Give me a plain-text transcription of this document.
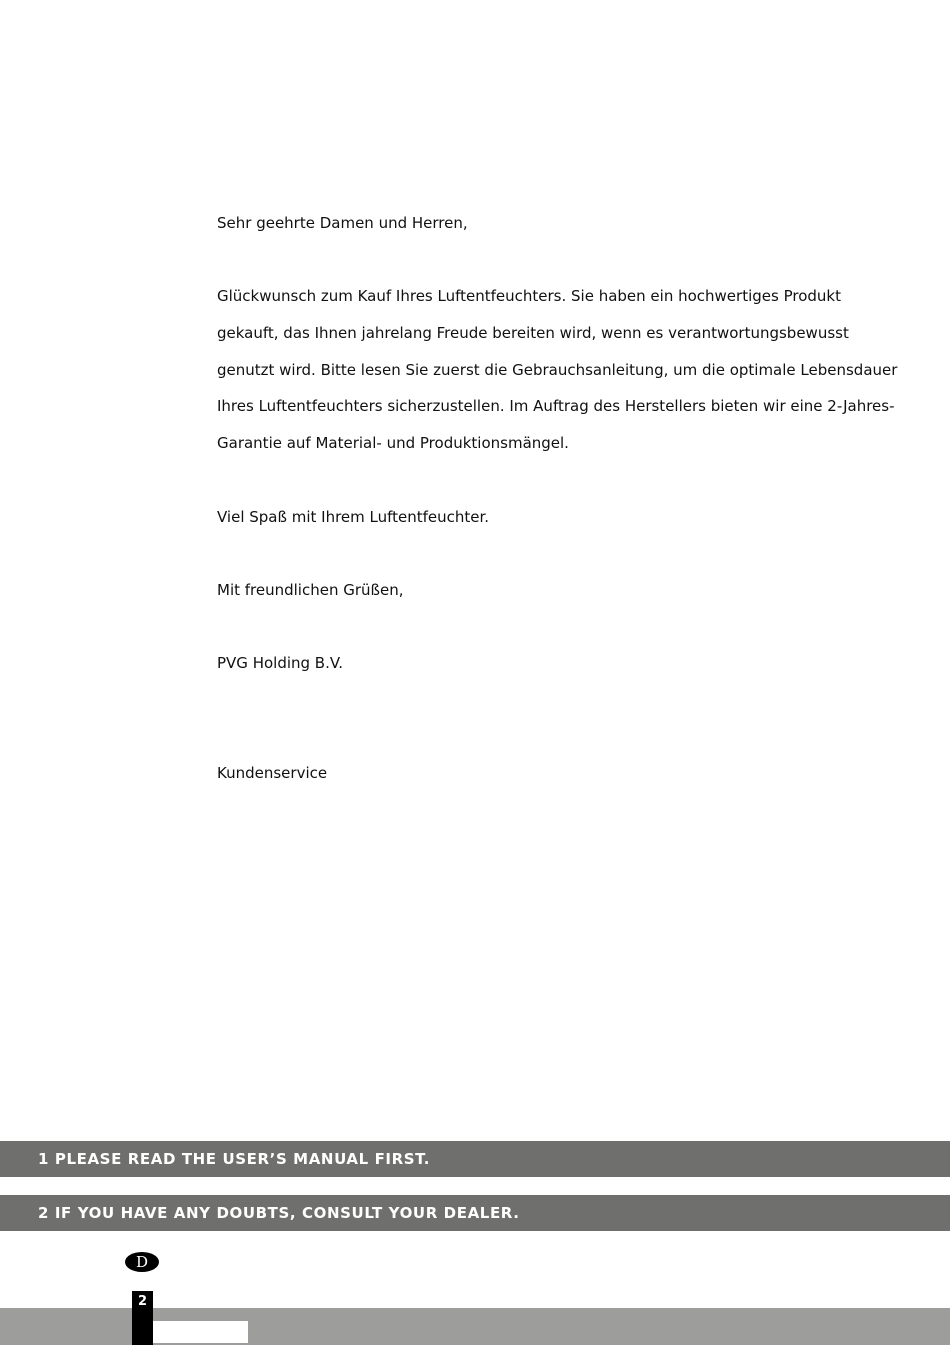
Sehr geehrte Damen und Herren,
Glückwunsch zum Kauf Ihres Luftentfeuchters. Sie haben ein hochwertiges Produkt
gekauft, das Ihnen jahrelang Freude bereiten wird, wenn es verantwortungsbewusst
genutzt wird. Bitte lesen Sie zuerst die Gebrauchsanleitung, um die optimale Lebensdauer
Ihres Luftentfeuchters sicherzustellen. Im Auftrag des Herstellers bieten wir eine 2-Jahres-
Garantie auf Material- und Produktionsmängel.
Viel Spaß mit Ihrem Luftentfeuchter.
Mit freundlichen Grüßen,
PVG Holding B.V.
Kundenservice
1 PLEASE READ THE USER’S MANUAL FIRST.
2 IF YOU HAVE ANY DOUBTS, CONSULT YOUR DEALER.
D
2
